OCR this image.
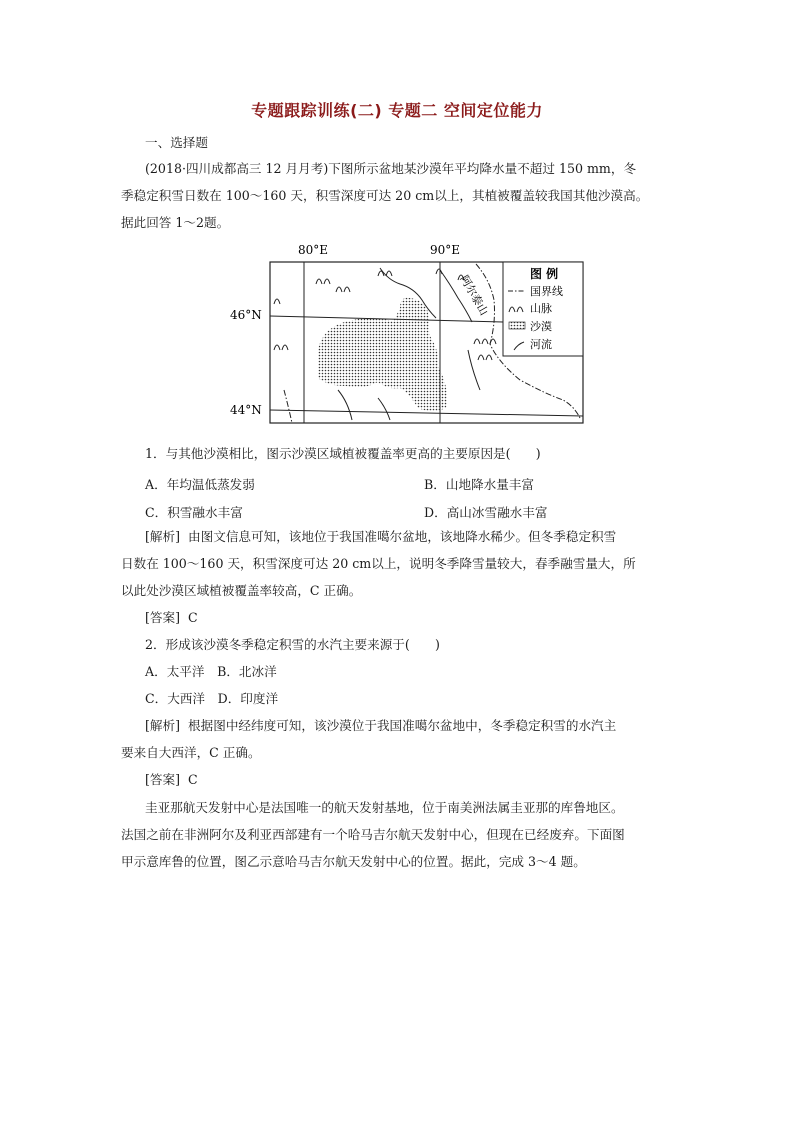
专题跟踪训练(二) 专题二 空间定位能力
一、选择题
(2018·四川成都高三 12 月月考)下图所示盆地某沙漠年平均降水量不超过 150 mm，冬
季稳定积雪日数在 100～160 天，积雪深度可达 20 cm以上，其植被覆盖较我国其他沙漠高。
据此回答 1～2题。
80°E	90°E
46°N
44°N
阿尔泰山	图 例
国界线
山脉
沙漠
河流
1．与其他沙漠相比，图示沙漠区域植被覆盖率更高的主要原因是(　　)
A．年均温低蒸发弱	B．山地降水量丰富
C．积雪融水丰富	D．高山冰雪融水丰富
[解析] 由图文信息可知，该地位于我国准噶尔盆地，该地降水稀少。但冬季稳定积雪
日数在 100～160 天，积雪深度可达 20 cm以上，说明冬季降雪量较大，春季融雪量大，所
以此处沙漠区域植被覆盖率较高，C 正确。
[答案] C
2．形成该沙漠冬季稳定积雪的水汽主要来源于(　　)
A．太平洋　B．北冰洋
C．大西洋　D．印度洋
[解析] 根据图中经纬度可知，该沙漠位于我国准噶尔盆地中，冬季稳定积雪的水汽主
要来自大西洋，C 正确。
[答案] C
圭亚那航天发射中心是法国唯一的航天发射基地，位于南美洲法属圭亚那的库鲁地区。
法国之前在非洲阿尔及利亚西部建有一个哈马吉尔航天发射中心，但现在已经废弃。下面图
甲示意库鲁的位置，图乙示意哈马吉尔航天发射中心的位置。据此，完成 3～4 题。
